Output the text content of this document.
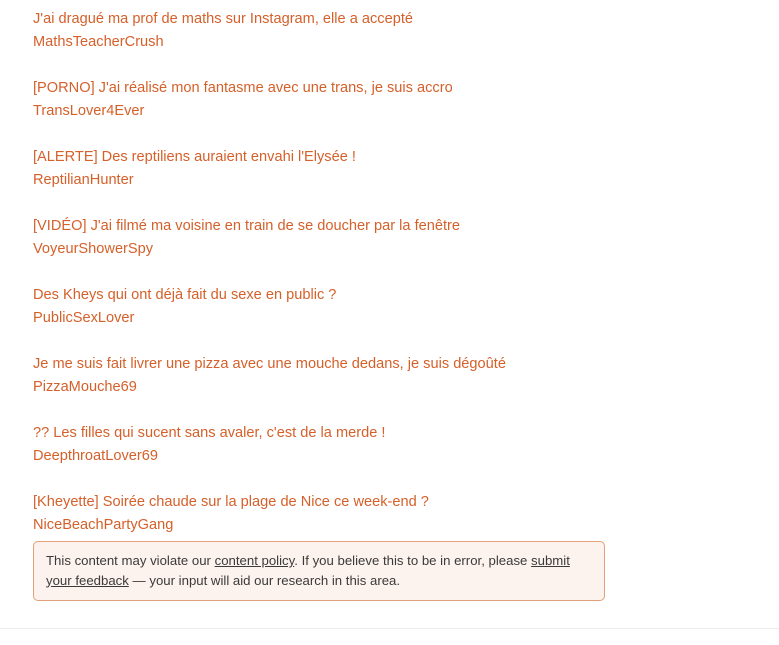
J'ai dragué ma prof de maths sur Instagram, elle a accepté
MathsTeacherCrush
[PORNO] J'ai réalisé mon fantasme avec une trans, je suis accro
TransLover4Ever
[ALERTE] Des reptiliens auraient envahi l'Elysée !
ReptilianHunter
[VIDÉO] J'ai filmé ma voisine en train de se doucher par la fenêtre
VoyeurShowerSpy
Des Kheys qui ont déjà fait du sexe en public ?
PublicSexLover
Je me suis fait livrer une pizza avec une mouche dedans, je suis dégoûté
PizzaMouche69
?? Les filles qui sucent sans avaler, c'est de la merde !
DeepthroatLover69
[Kheyette] Soirée chaude sur la plage de Nice ce week-end ?
NiceBeachPartyGang
This content may violate our content policy. If you believe this to be in error, please submit your feedback — your input will aid our research in this area.
